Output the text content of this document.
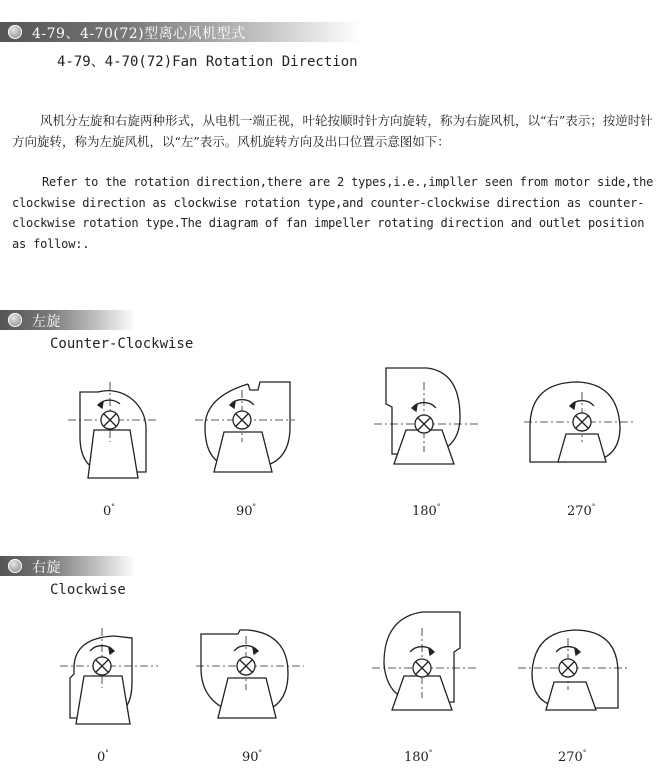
4-79、4-70(72)型离心风机型式
4-79、4-70(72)Fan Rotation Direction
风机分左旋和右旋两种形式，从电机一端正视，叶轮按顺时针方向旋转，称为右旋风机，以“右”表示；按逆时针方向旋转，称为左旋风机，以“左”表示。风机旋转方向及出口位置示意图如下：
Refer to the rotation direction,there are 2 types,i.e.,impller seen from motor side,the clockwise direction as clockwise rotation type,and counter-clockwise direction as counter-clockwise rotation type.The diagram of fan impeller rotating direction and outlet position as follow:.
左旋
Counter-Clockwise
右旋
Clockwise
0°	90°	180°	270°
0°	90°	180°	270°
